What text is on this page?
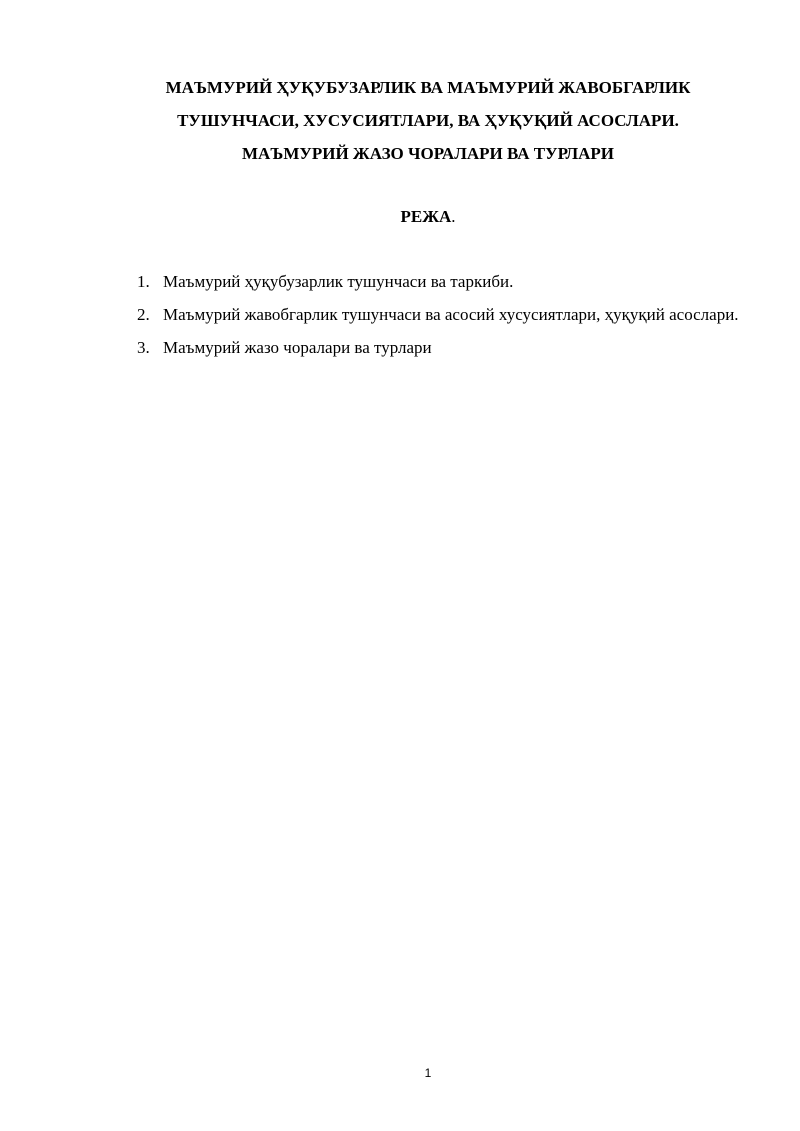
МАЪМУРИЙ ҲУҚУБУЗАРЛИК ВА МАЪМУРИЙ ЖАВОБГАРЛИК
ТУШУНЧАСИ, ХУСУСИЯТЛАРИ, ВА ҲУҚУҚИЙ АСОСЛАРИ.
МАЪМУРИЙ ЖАЗО ЧОРАЛАРИ ВА ТУРЛАРИ
РЕЖА.
1. Маъмурий ҳуқубузарлик тушунчаси ва таркиби.
2. Маъмурий жавобгарлик тушунчаси ва асосий хусусиятлари, ҳуқуқий асослари.
3. Маъмурий жазо чоралари ва турлари
1
